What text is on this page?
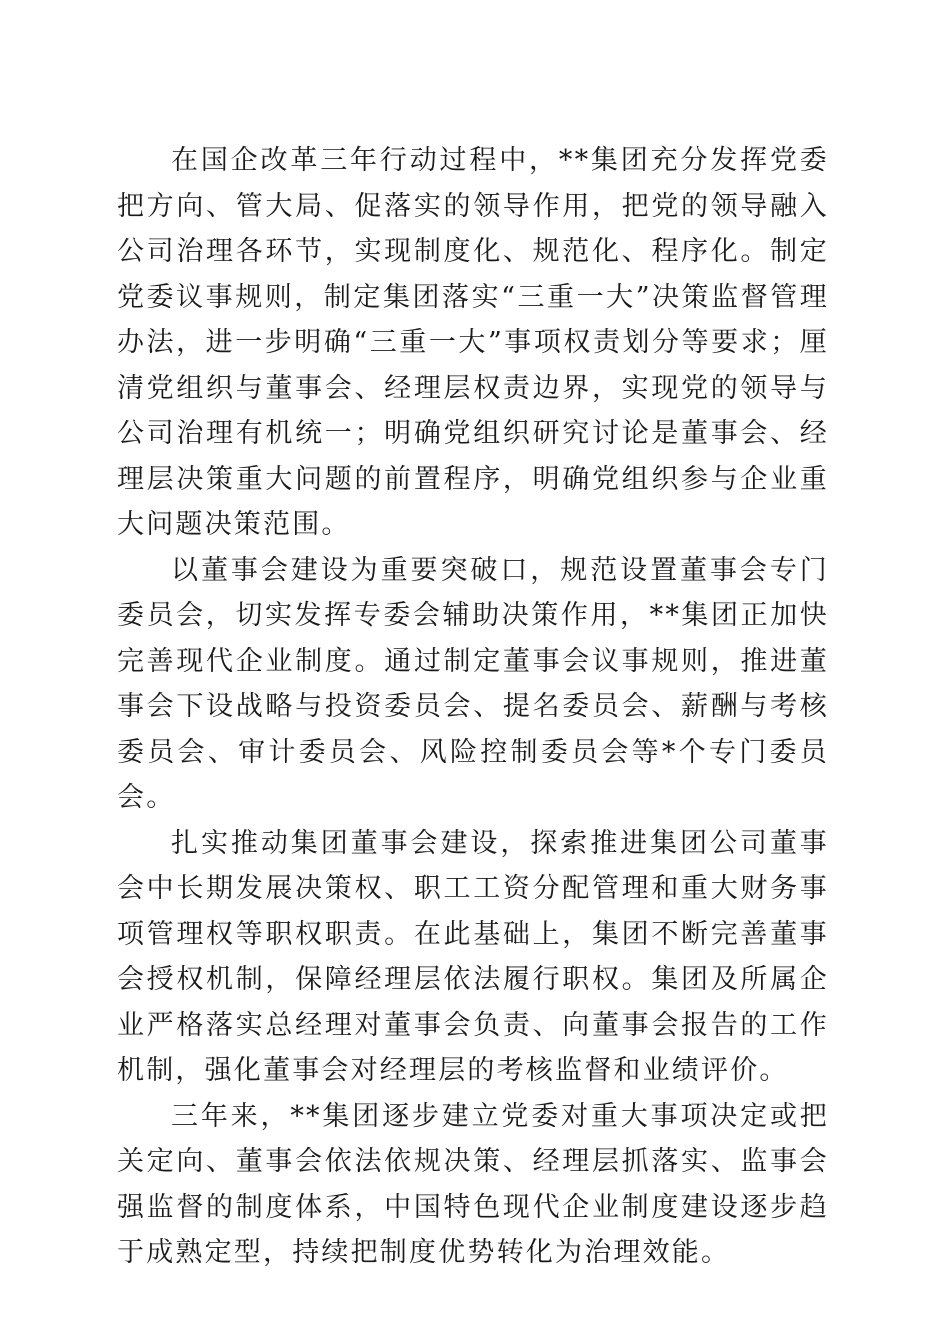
在国企改革三年行动过程中，**集团充分发挥党委把方向、管大局、促落实的领导作用，把党的领导融入公司治理各环节，实现制度化、规范化、程序化。制定党委议事规则，制定集团落实“三重一大”决策监督管理办法，进一步明确“三重一大”事项权责划分等要求；厘清党组织与董事会、经理层权责边界，实现党的领导与公司治理有机统一；明确党组织研究讨论是董事会、经理层决策重大问题的前置程序，明确党组织参与企业重大问题决策范围。

以董事会建设为重要突破口，规范设置董事会专门委员会，切实发挥专委会辅助决策作用，**集团正加快完善现代企业制度。通过制定董事会议事规则，推进董事会下设战略与投资委员会、提名委员会、薪酬与考核委员会、审计委员会、风险控制委员会等*个专门委员会。

扎实推动集团董事会建设，探索推进集团公司董事会中长期发展决策权、职工工资分配管理和重大财务事项管理权等职权职责。在此基础上，集团不断完善董事会授权机制，保障经理层依法履行职权。集团及所属企业严格落实总经理对董事会负责、向董事会报告的工作机制，强化董事会对经理层的考核监督和业绩评价。

三年来，**集团逐步建立党委对重大事项决定或把关定向、董事会依法依规决策、经理层抓落实、监事会强监督的制度体系，中国特色现代企业制度建设逐步趋于成熟定型，持续把制度优势转化为治理效能。
